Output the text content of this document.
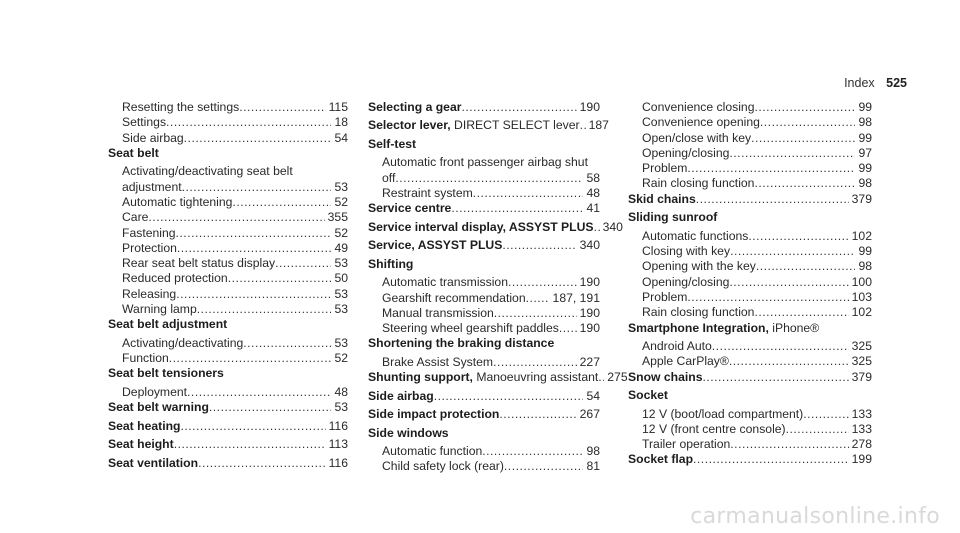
Index 525
Resetting the settings .....	115
Settings .....	18
Side airbag .....	54
Seat belt
Activating/deactivating seat belt
adjustment .....	53
Automatic tightening .....	52
Care .....	355
Fastening .....	52
Protection .....	49
Rear seat belt status display .....	53
Reduced protection .....	50
Releasing .....	53
Warning lamp .....	53
Seat belt adjustment
Activating/deactivating .....	53
Function .....	52
Seat belt tensioners
Deployment .....	48
Seat belt warning .....	53
Seat heating .....	116
Seat height .....	113
Seat ventilation .....	116
Selecting a gear .....	190
Selector lever, DIRECT SELECT lever ..... 187
Self-test
Automatic front passenger airbag shut
off .....	58
Restraint system .....	48
Service centre .....	41
Service interval display, ASSYST PLUS ..... 340
Service, ASSYST PLUS .....	340
Shifting
Automatic transmission .....	190
Gearshift recommendation ..... 187, 191
Manual transmission .....	190
Steering wheel gearshift paddles ..... 190
Shortening the braking distance
Brake Assist System .....	227
Shunting support, Manoeuvring assistant ..... 275
Side airbag .....	54
Side impact protection .....	267
Side windows
Automatic function .....	98
Child safety lock (rear) .....	81
Convenience closing .....	99
Convenience opening .....	98
Open/close with key .....	99
Opening/closing .....	97
Problem .....	99
Rain closing function .....	98
Skid chains .....	379
Sliding sunroof
Automatic functions .....	102
Closing with key .....	99
Opening with the key .....	98
Opening/closing .....	100
Problem .....	103
Rain closing function .....	102
Smartphone Integration, iPhone®
Android Auto .....	325
Apple CarPlay® .....	325
Snow chains .....	379
Socket
12 V (boot/load compartment) .....	133
12 V (front centre console) .....	133
Trailer operation .....	278
Socket flap .....	199
carmanualsonline.info
